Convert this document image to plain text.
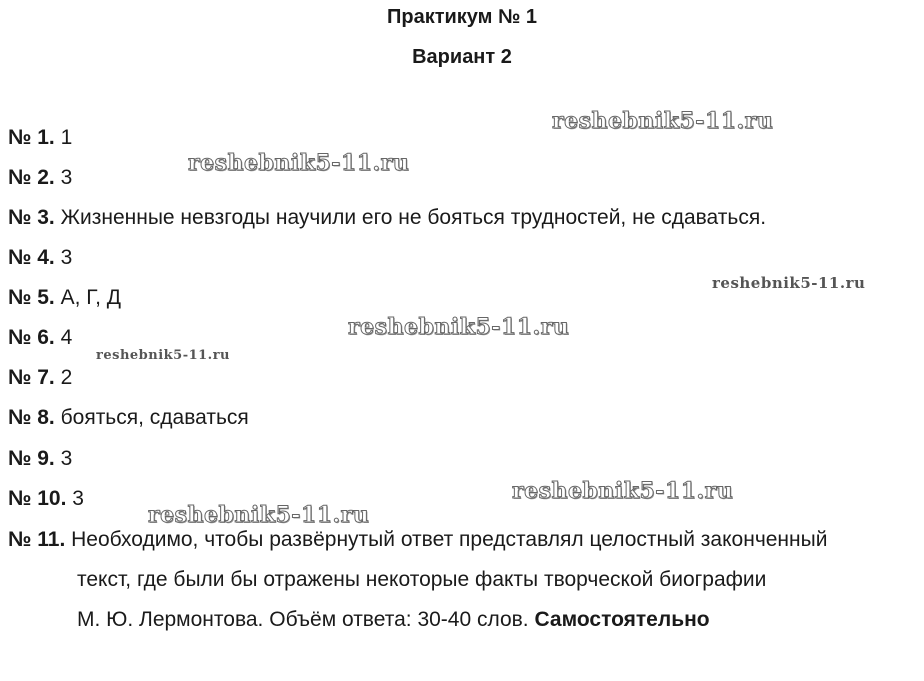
Практикум № 1
Вариант 2
№ 1. 1
№ 2. 3
№ 3. Жизненные невзгоды научили его не бояться трудностей, не сдаваться.
№ 4. 3
№ 5. А, Г, Д
№ 6. 4
№ 7. 2
№ 8. бояться, сдаваться
№ 9. 3
№ 10. 3
№ 11. Необходимо, чтобы развёрнутый ответ представлял целостный законченный
текст, где были бы отражены некоторые факты творческой биографии
М. Ю. Лермонтова. Объём ответа: 30-40 слов. Самостоятельно
reshebnik5-11.ru
reshebnik5-11.ru
reshebnik5-11.ru
reshebnik5-11.ru
reshebnik5-11.ru
reshebnik5-11.ru
reshebnik5-11.ru
